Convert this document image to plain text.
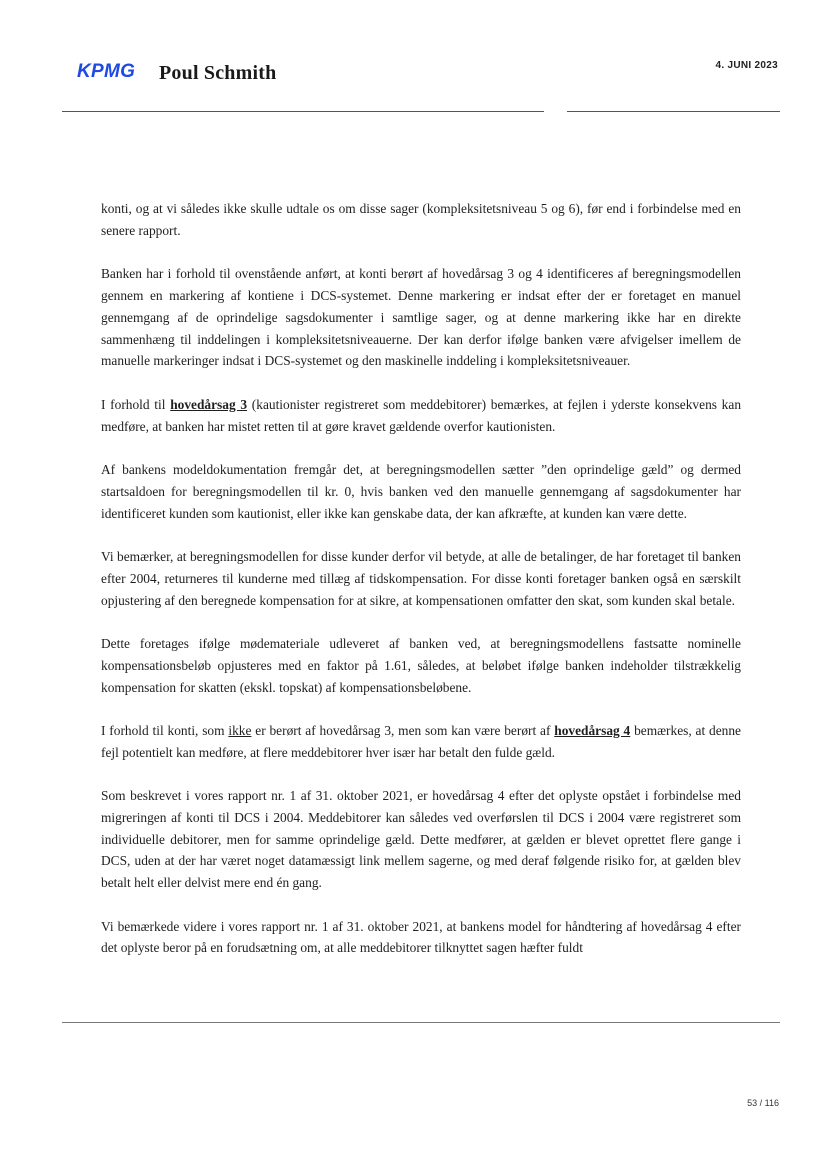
KPMG Poul Schmith	4. JUNI 2023

konti, og at vi således ikke skulle udtale os om disse sager (kompleksitetsniveau 5 og 6), før end i forbindelse med en senere rapport.

Banken har i forhold til ovenstående anført, at konti berørt af hovedårsag 3 og 4 identificeres af beregningsmodellen gennem en markering af kontiene i DCS-systemet. Denne markering er indsat efter der er foretaget en manuel gennemgang af de oprindelige sagsdokumenter i samtlige sager, og at denne markering ikke har en direkte sammenhæng til inddelingen i kompleksitetsniveauerne. Der kan derfor ifølge banken være afvigelser imellem de manuelle markeringer indsat i DCS-systemet og den maskinelle inddeling i kompleksitetsniveauer.

I forhold til hovedårsag 3 (kautionister registreret som meddebitorer) bemærkes, at fejlen i yderste konsekvens kan medføre, at banken har mistet retten til at gøre kravet gældende overfor kautionisten.

Af bankens modeldokumentation fremgår det, at beregningsmodellen sætter ”den oprindelige gæld” og dermed startsaldoen for beregningsmodellen til kr. 0, hvis banken ved den manuelle gennemgang af sagsdokumenter har identificeret kunden som kautionist, eller ikke kan genskabe data, der kan afkræfte, at kunden kan være dette.

Vi bemærker, at beregningsmodellen for disse kunder derfor vil betyde, at alle de betalinger, de har foretaget til banken efter 2004, returneres til kunderne med tillæg af tidskompensation. For disse konti foretager banken også en særskilt opjustering af den beregnede kompensation for at sikre, at kompensationen omfatter den skat, som kunden skal betale.

Dette foretages ifølge mødemateriale udleveret af banken ved, at beregningsmodellens fastsatte nominelle kompensationsbeløb opjusteres med en faktor på 1.61, således, at beløbet ifølge banken indeholder tilstrækkelig kompensation for skatten (ekskl. topskat) af kompensationsbeløbene.

I forhold til konti, som ikke er berørt af hovedårsag 3, men som kan være berørt af hovedårsag 4 bemærkes, at denne fejl potentielt kan medføre, at flere meddebitorer hver især har betalt den fulde gæld.

Som beskrevet i vores rapport nr. 1 af 31. oktober 2021, er hovedårsag 4 efter det oplyste opstået i forbindelse med migreringen af konti til DCS i 2004. Meddebitorer kan således ved overførslen til DCS i 2004 være registreret som individuelle debitorer, men for samme oprindelige gæld. Dette medfører, at gælden er blevet oprettet flere gange i DCS, uden at der har været noget datamæssigt link mellem sagerne, og med deraf følgende risiko for, at gælden blev betalt helt eller delvist mere end én gang.

Vi bemærkede videre i vores rapport nr. 1 af 31. oktober 2021, at bankens model for håndtering af hovedårsag 4 efter det oplyste beror på en forudsætning om, at alle meddebitorer tilknyttet sagen hæfter fuldt

53 / 116
